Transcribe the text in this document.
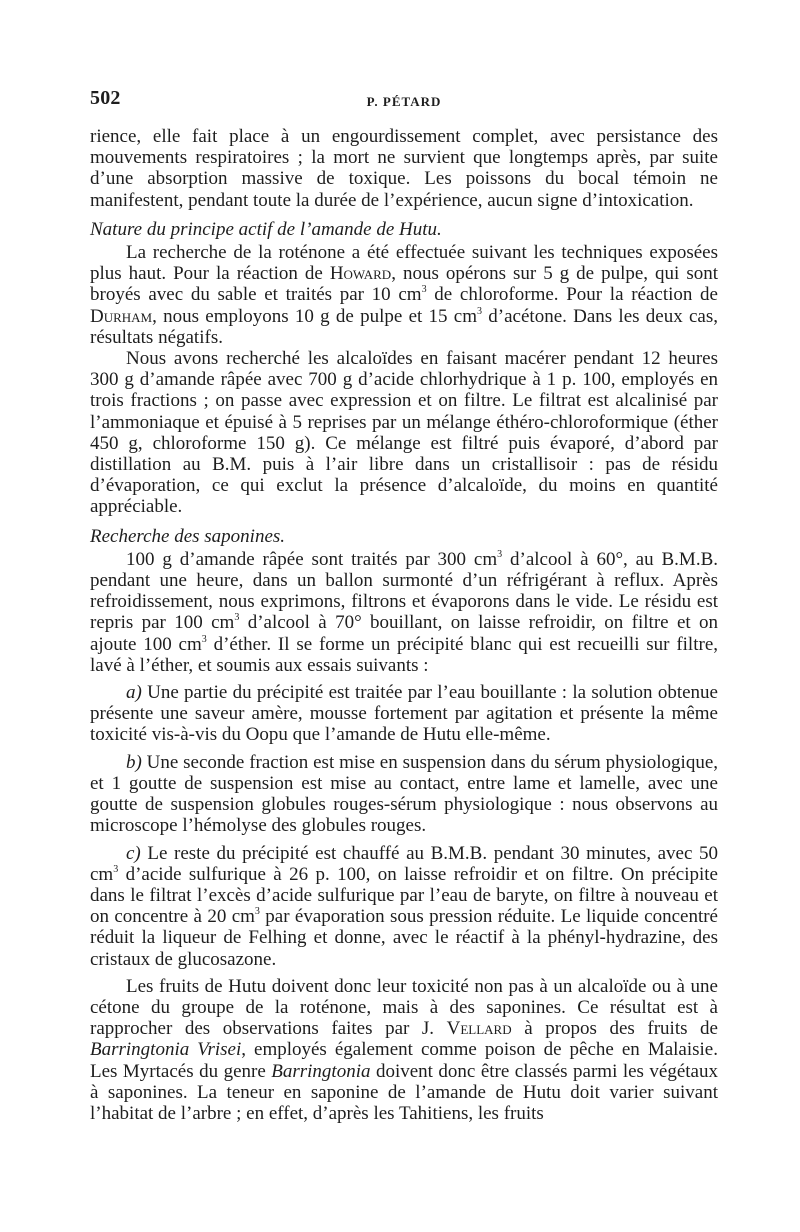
502	P. PÉTARD

rience, elle fait place à un engourdissement complet, avec persistance des mouvements respiratoires ; la mort ne survient que longtemps après, par suite d’une absorption massive de toxique. Les poissons du bocal témoin ne manifestent, pendant toute la durée de l’expérience, aucun signe d’intoxication.

Nature du principe actif de l’amande de Hutu.

La recherche de la roténone a été effectuée suivant les techniques exposées plus haut. Pour la réaction de Howard, nous opérons sur 5 g de pulpe, qui sont broyés avec du sable et traités par 10 $cm^3$ de chloroforme. Pour la réaction de Durham, nous employons 10 g de pulpe et 15 $cm^3$ d’acétone. Dans les deux cas, résultats négatifs.

Nous avons recherché les alcaloïdes en faisant macérer pendant 12 heures 300 g d’amande râpée avec 700 g d’acide chlorhydrique à 1 p. 100, employés en trois fractions ; on passe avec expression et on filtre. Le filtrat est alcalinisé par l’ammoniaque et épuisé à 5 reprises par un mélange éthéro-chloroformique (éther 450 g, chloroforme 150 g). Ce mélange est filtré puis évaporé, d’abord par distillation au B.M. puis à l’air libre dans un cristallisoir : pas de résidu d’évaporation, ce qui exclut la présence d’alcaloïde, du moins en quantité appréciable.

Recherche des saponines.

100 g d’amande râpée sont traités par 300 $cm^3$ d’alcool à 60°, au B.M.B. pendant une heure, dans un ballon surmonté d’un réfrigérant à reflux. Après refroidissement, nous exprimons, filtrons et évaporons dans le vide. Le résidu est repris par 100 $cm^3$ d’alcool à 70° bouillant, on laisse refroidir, on filtre et on ajoute 100 $cm^3$ d’éther. Il se forme un précipité blanc qui est recueilli sur filtre, lavé à l’éther, et soumis aux essais suivants :

a) Une partie du précipité est traitée par l’eau bouillante : la solution obtenue présente une saveur amère, mousse fortement par agitation et présente la même toxicité vis-à-vis du Oopu que l’amande de Hutu elle-même.

b) Une seconde fraction est mise en suspension dans du sérum physiologique, et 1 goutte de suspension est mise au contact, entre lame et lamelle, avec une goutte de suspension globules rouges-sérum physiologique : nous observons au microscope l’hémolyse des globules rouges.

c) Le reste du précipité est chauffé au B.M.B. pendant 30 minutes, avec 50 $cm^3$ d’acide sulfurique à 26 p. 100, on laisse refroidir et on filtre. On précipite dans le filtrat l’excès d’acide sulfurique par l’eau de baryte, on filtre à nouveau et on concentre à 20 $cm^3$ par évaporation sous pression réduite. Le liquide concentré réduit la liqueur de Felhing et donne, avec le réactif à la phényl-hydrazine, des cristaux de glucosazone.

Les fruits de Hutu doivent donc leur toxicité non pas à un alcaloïde ou à une cétone du groupe de la roténone, mais à des saponines. Ce résultat est à rapprocher des observations faites par J. Vellard à propos des fruits de Barringtonia Vrisei, employés également comme poison de pêche en Malaisie. Les Myrtacés du genre Barringtonia doivent donc être classés parmi les végétaux à saponines. La teneur en saponine de l’amande de Hutu doit varier suivant l’habitat de l’arbre ; en effet, d’après les Tahitiens, les fruits
